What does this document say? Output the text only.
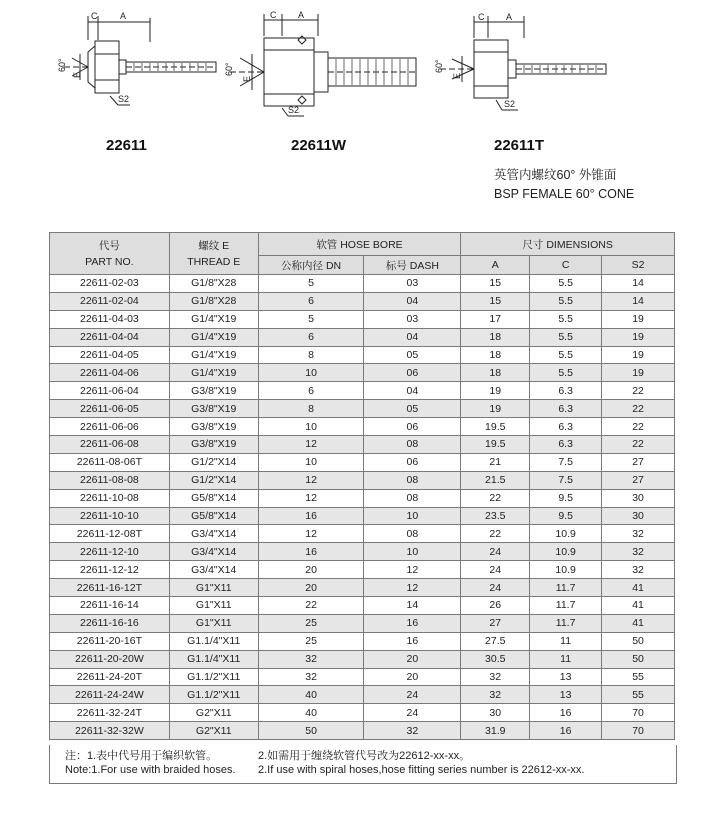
C	A
60°
E
S2
22611
C A
60°
E
S2
22611W
C A
60°
E
S2
22611T
英管内螺纹60° 外锥面
BSP FEMALE 60° CONE
代号
PART NO.	螺纹 E
THREAD E	软管 HOSE BORE		尺寸 DIMENSIONS		
		公称内径 DN	标号 DASH	A	C	S2
22611-02-03	G1/8"X28	5	03	15	5.5	14
22611-02-04	G1/8"X28	6	04	15	5.5	14
22611-04-03	G1/4"X19	5	03	17	5.5	19
22611-04-04	G1/4"X19	6	04	18	5.5	19
22611-04-05	G1/4"X19	8	05	18	5.5	19
22611-04-06	G1/4"X19	10	06	18	5.5	19
22611-06-04	G3/8"X19	6	04	19	6.3	22
22611-06-05	G3/8"X19	8	05	19	6.3	22
22611-06-06	G3/8"X19	10	06	19.5	6.3	22
22611-06-08	G3/8"X19	12	08	19.5	6.3	22
22611-08-06T	G1/2"X14	10	06	21	7.5	27
22611-08-08	G1/2"X14	12	08	21.5	7.5	27
22611-10-08	G5/8"X14	12	08	22	9.5	30
22611-10-10	G5/8"X14	16	10	23.5	9.5	30
22611-12-08T	G3/4"X14	12	08	22	10.9	32
22611-12-10	G3/4"X14	16	10	24	10.9	32
22611-12-12	G3/4"X14	20	12	24	10.9	32
22611-16-12T	G1"X11	20	12	24	11.7	41
22611-16-14	G1"X11	22	14	26	11.7	41
22611-16-16	G1"X11	25	16	27	11.7	41
22611-20-16T	G1.1/4"X11	25	16	27.5	11	50
22611-20-20W	G1.1/4"X11	32	20	30.5	11	50
22611-24-20T	G1.1/2"X11	32	20	32	13	55
22611-24-24W	G1.1/2"X11	40	24	32	13	55
22611-32-24T	G2"X11	40	24	30	16	70
22611-32-32W	G2"X11	50	32	31.9	16	70
注：1.表中代号用于编织软管。
Note:1.For use with braided hoses.
2.如需用于缠绕软管代号改为22612-xx-xx。
2.If use with spiral hoses,hose fitting series number is 22612-xx-xx.
